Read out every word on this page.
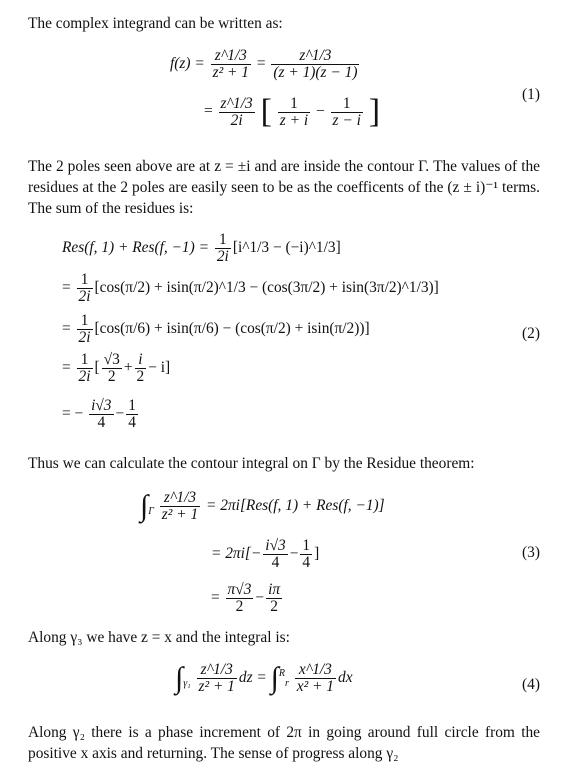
The complex integrand can be written as:
$f(z) = \frac{z\^{}1/3}{\text{z² + 1}} = \frac{z\^{}1/3}{(z + 1)(z - 1)}$
= $\frac{z\^{}1/3}{2i}$ [ $\frac{1}{z + i} - \frac{1}{z - i}$ ]	(1)
The 2 poles seen above are at z = ±i and are inside the contour Γ. The values of the residues at the 2 poles are easily seen to be as the coefficents of the (z ± i)⁻¹ terms. The sum of the residues is:
Res(f, 1) + Res(f, $-1) = \frac{1}{2i}$ [i^1/3 − (−i)^1/3]
= $\frac{1}{2i} [\cos(\pi/2)$ + isin(π/2)^1/3 − (cos(3π/2) + isin(3π/2)^1/3)]
= $\frac{1}{2i} [\cos(\pi/6) + isin(\pi/6) - (\cos(\pi/2) + isin(\pi/2))]$
= $\frac{1}{2i}$ [ $\frac{√3}{2} + \frac{i}{2} - i$]
= − $\frac{i√3}{4} - \frac{1}{4}$
(2)
Thus we can calculate the contour integral on Γ by the Residue theorem:
$\int_\Gamma \frac{z\^{}1/3}{\text{z² + 1}} = 2\pi i[Res(f$, 1) + Res(f, −1)]
= $2\pi i[- \frac{i√3}{4} - \frac{1}{4}$ ]
= $\frac{\pi√3}{2} - \frac{i\pi}{2}$
(3)
Along γ₃ we have z = x and the integral is:
$\int_{\gamma_1} \frac{z\^{}1/3}{\text{z² + 1}}$ dz = $\int^R_r \frac{x\^{}1/3}{\text{x² + 1}}$ dx	(4)
Along γ₂ there is a phase increment of 2π in going around full circle from the positive x axis and returning. The sense of progress along γ₂
